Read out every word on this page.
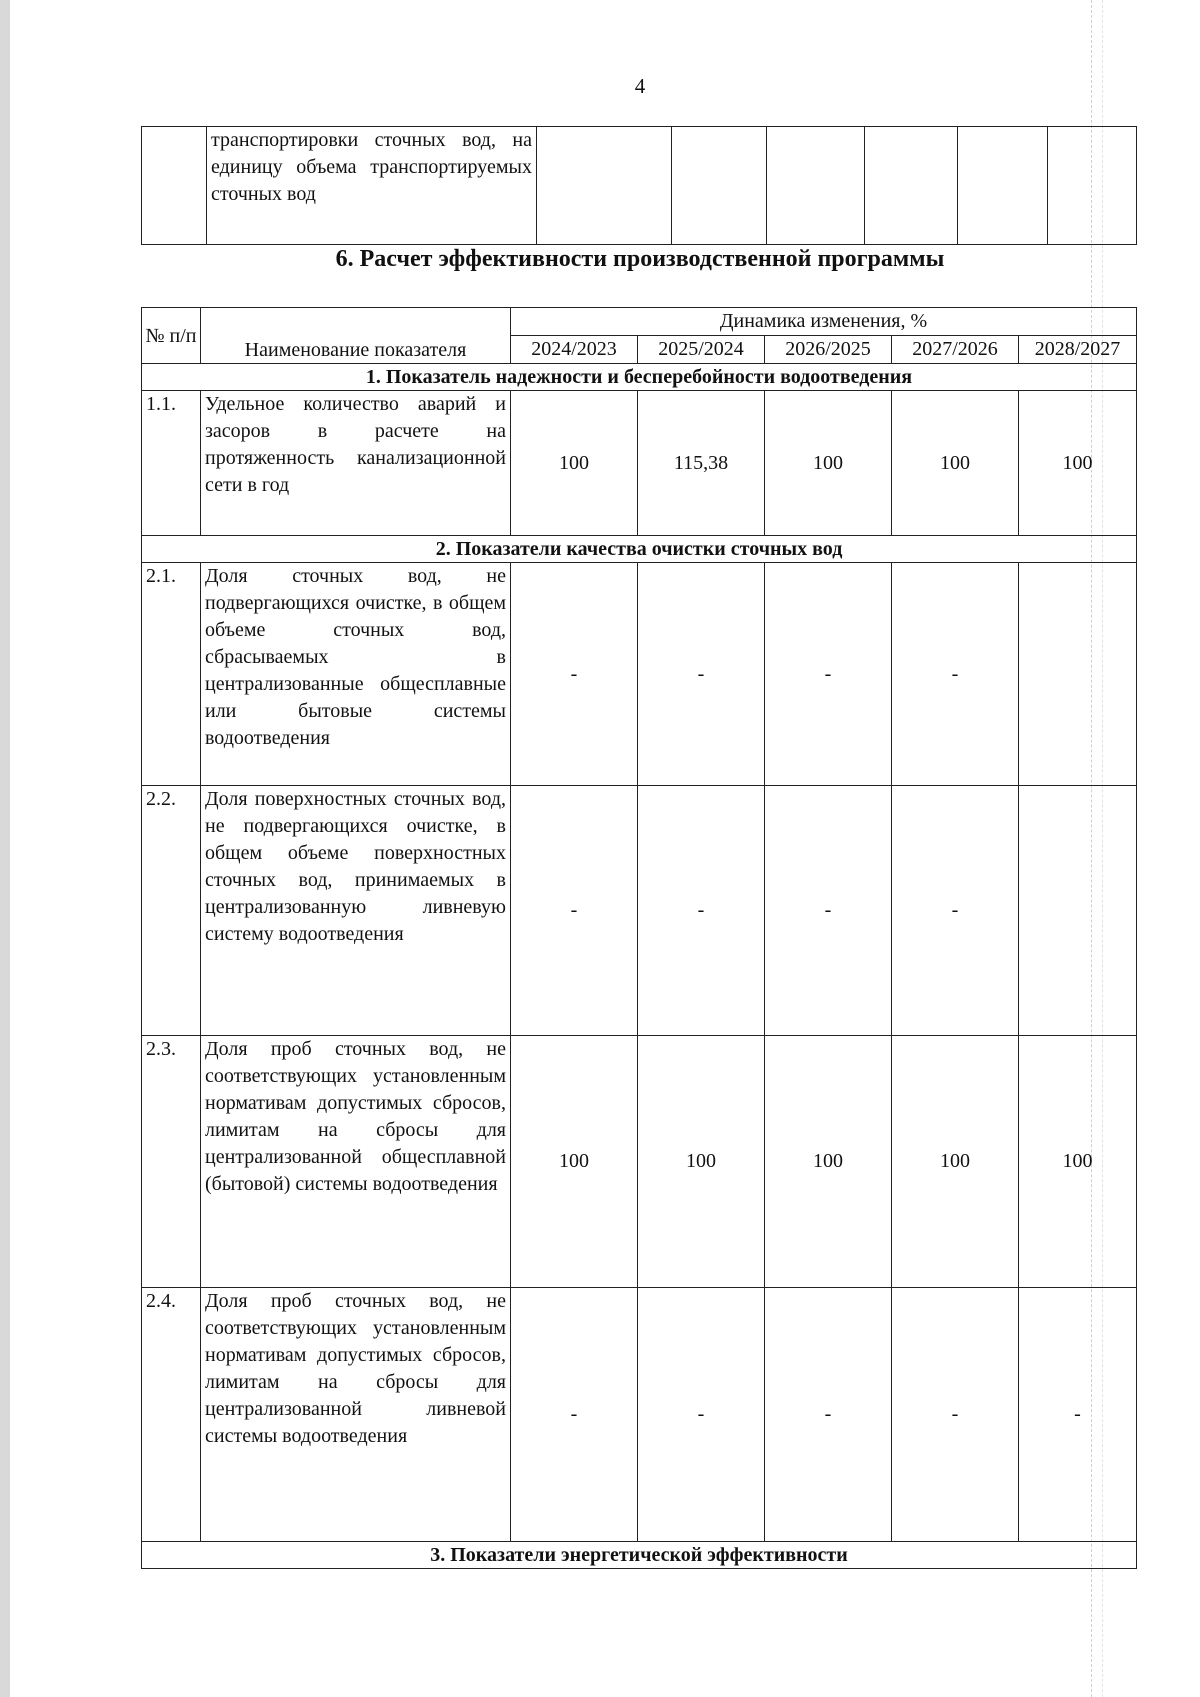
4
	транспортировки сточных вод, на единицу объема транспортируемых сточных вод						
6. Расчет эффективности производственной программы
№ п/п	Наименование показателя	Динамика изменения, %				
		2024/2023	2025/2024	2026/2025	2027/2026	2028/2027
1. Показатель надежности и бесперебойности водоотведения						
1.1.	Удельное количество аварий и засоров в расчете на протяженность канализационной сети в год	100	115,38	100	100	100
2. Показатели качества очистки сточных вод						
2.1.	Доля сточных вод, не подвергающихся очистке, в общем объеме сточных вод, сбрасываемых в централизованные общесплавные или бытовые системы водоотведения	-	-	-	-	
2.2.	Доля поверхностных сточных вод, не подвергающихся очистке, в общем объеме поверхностных сточных вод, принимаемых в централизованную ливневую систему водоотведения	-	-	-	-	
2.3.	Доля проб сточных вод, не соответствующих установленным нормативам допустимых сбросов, лимитам на сбросы для централизованной общесплавной (бытовой) системы водоотведения	100	100	100	100	100
2.4.	Доля проб сточных вод, не соответствующих установленным нормативам допустимых сбросов, лимитам на сбросы для централизованной ливневой системы водоотведения	-	-	-	-	-
3. Показатели энергетической эффективности						
